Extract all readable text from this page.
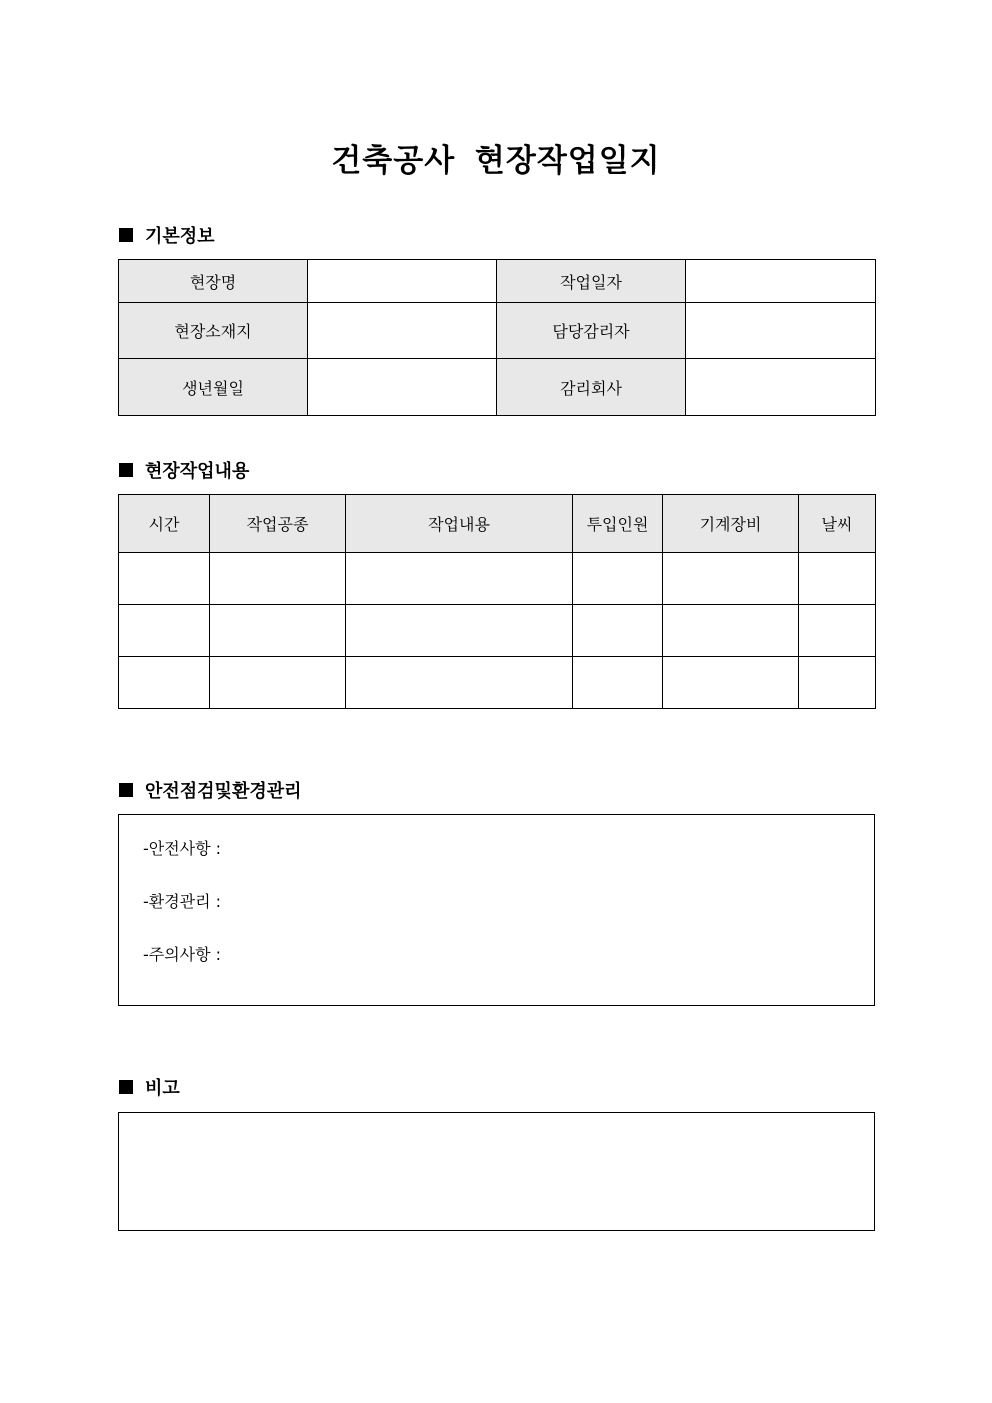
건축공사 현장작업일지
기본정보
현장명		작업일자	
현장소재지		담당감리자	
생년월일		감리회사	
현장작업내용
시간	작업공종	작업내용	투입인원	기계장비	날씨

안전점검및환경관리
-안전사항 :
-환경관리 :
-주의사항 :
비고
